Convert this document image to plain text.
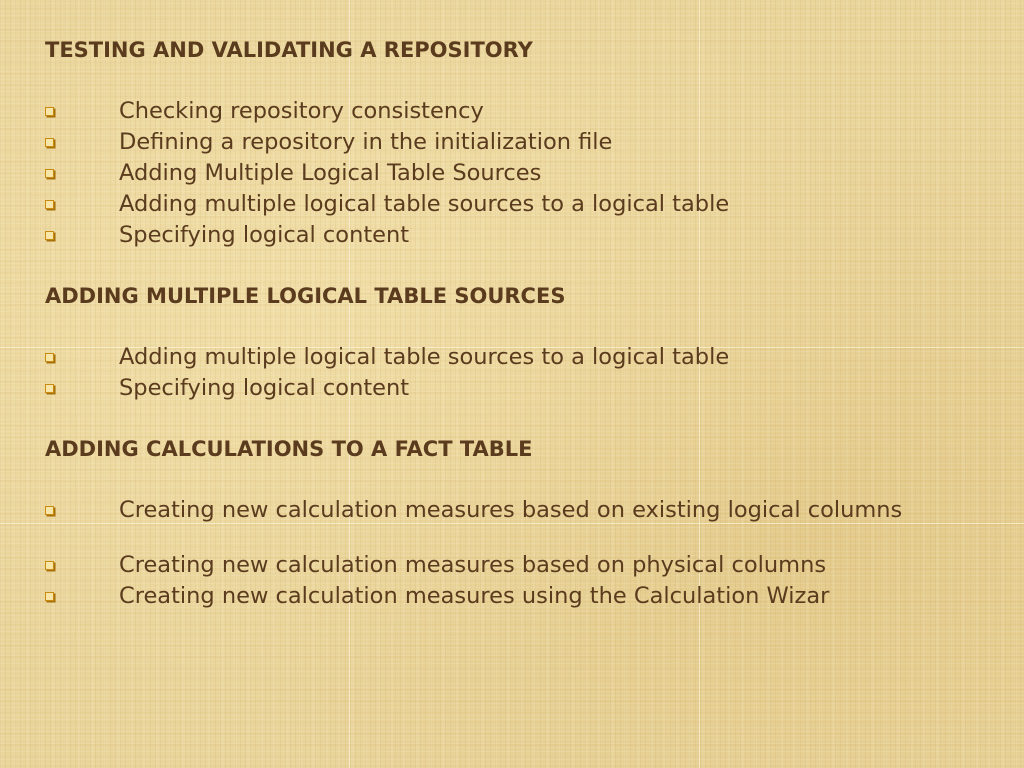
TESTING AND VALIDATING A REPOSITORY
Checking repository consistency
Defining a repository in the initialization file
Adding Multiple Logical Table Sources
Adding multiple logical table sources to a logical table
Specifying logical content
ADDING MULTIPLE LOGICAL TABLE SOURCES
Adding multiple logical table sources to a logical table
Specifying logical content
ADDING CALCULATIONS TO A FACT TABLE
Creating new calculation measures based on existing logical columns
Creating new calculation measures based on physical columns
Creating new calculation measures using the Calculation Wizar
